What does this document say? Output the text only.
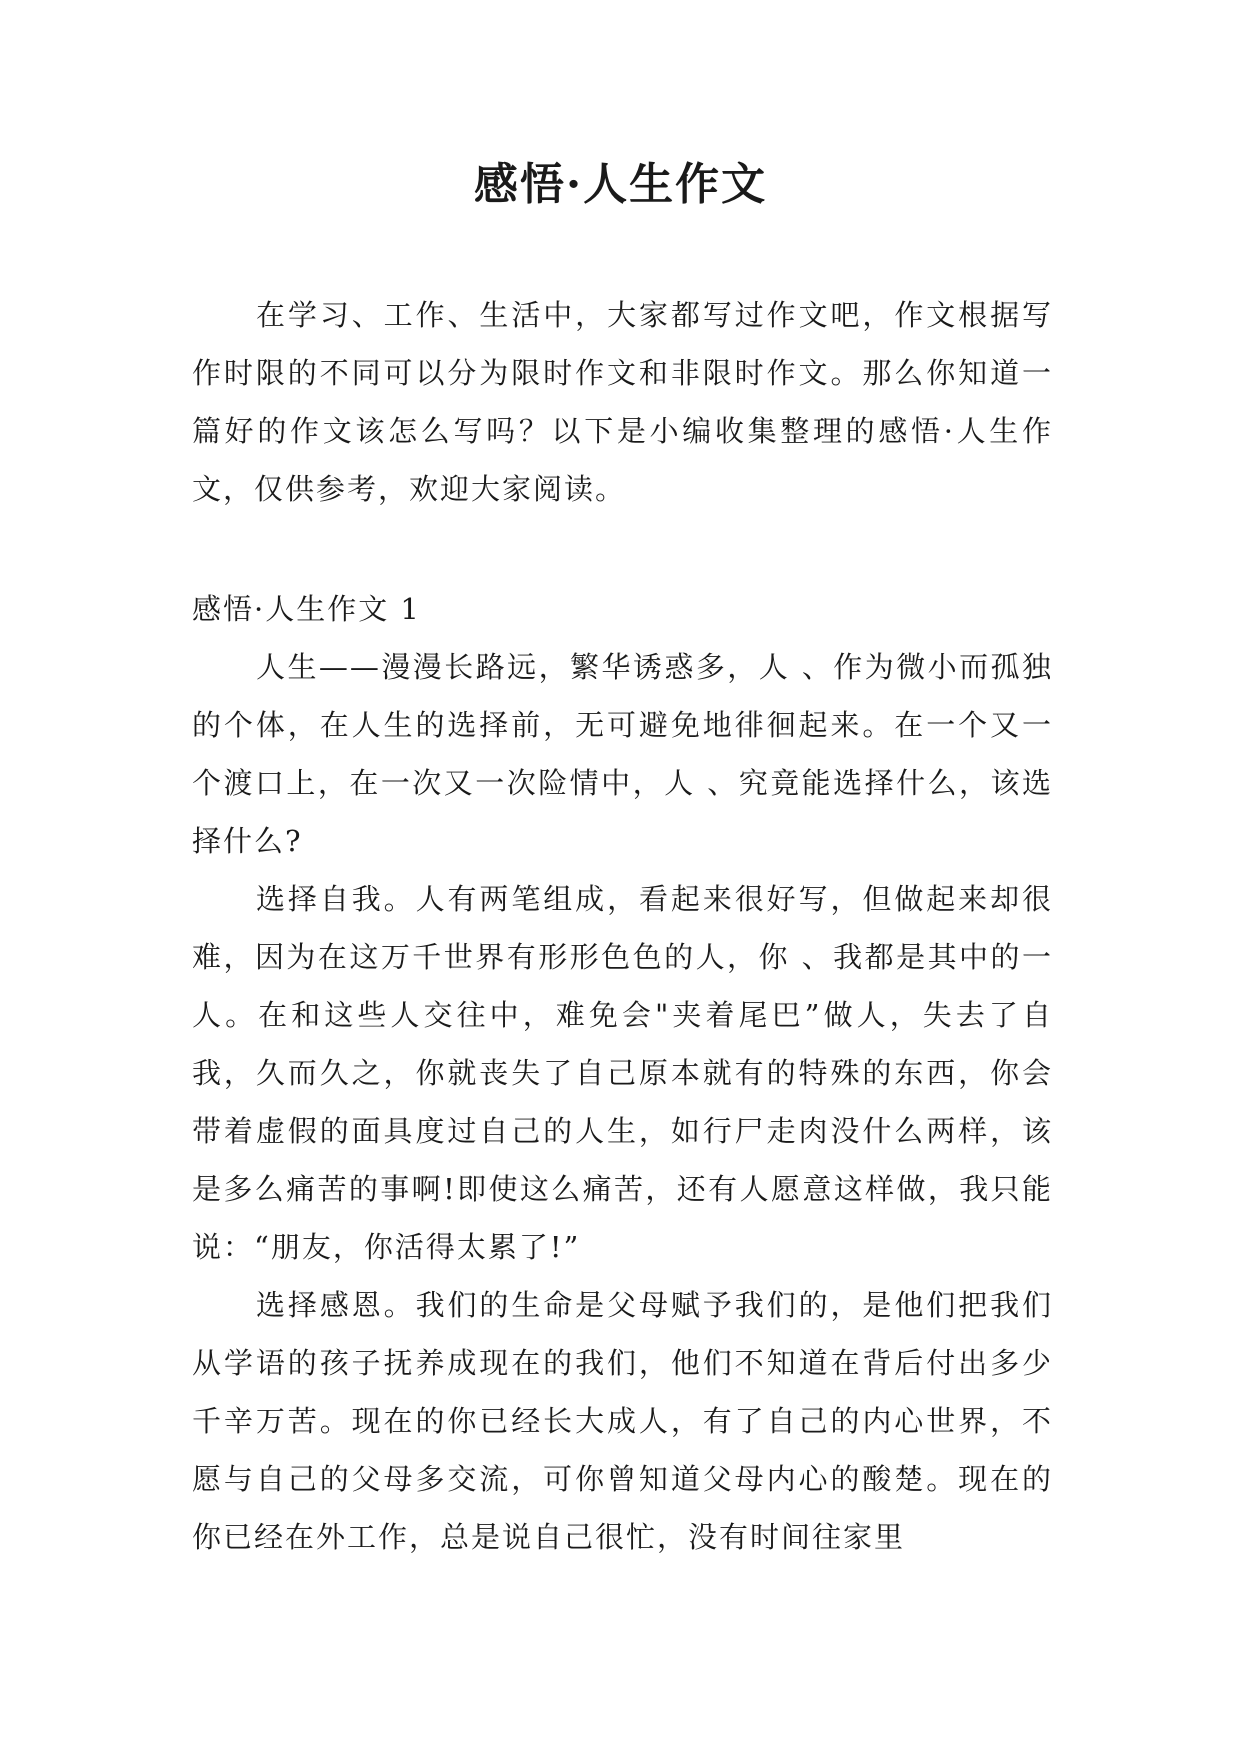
感悟·人生作文

在学习、工作、生活中，大家都写过作文吧，作文根据写作时限的不同可以分为限时作文和非限时作文。那么你知道一篇好的作文该怎么写吗？以下是小编收集整理的感悟·人生作文，仅供参考，欢迎大家阅读。

感悟·人生作文 1

人生——漫漫长路远，繁华诱惑多，人 、作为微小而孤独的个体，在人生的选择前，无可避免地徘徊起来。在一个又一个渡口上，在一次又一次险情中，人 、究竟能选择什么，该选择什么?

选择自我。人有两笔组成，看起来很好写，但做起来却很难，因为在这万千世界有形形色色的人，你 、我都是其中的一人。在和这些人交往中，难免会"夹着尾巴”做人，失去了自我，久而久之，你就丧失了自己原本就有的特殊的东西，你会带着虚假的面具度过自己的人生，如行尸走肉没什么两样，该是多么痛苦的事啊!即使这么痛苦，还有人愿意这样做，我只能说：“朋友，你活得太累了!”

选择感恩。我们的生命是父母赋予我们的，是他们把我们从学语的孩子抚养成现在的我们，他们不知道在背后付出多少千辛万苦。现在的你已经长大成人，有了自己的内心世界，不愿与自己的父母多交流，可你曾知道父母内心的酸楚。现在的你已经在外工作，总是说自己很忙，没有时间往家里
